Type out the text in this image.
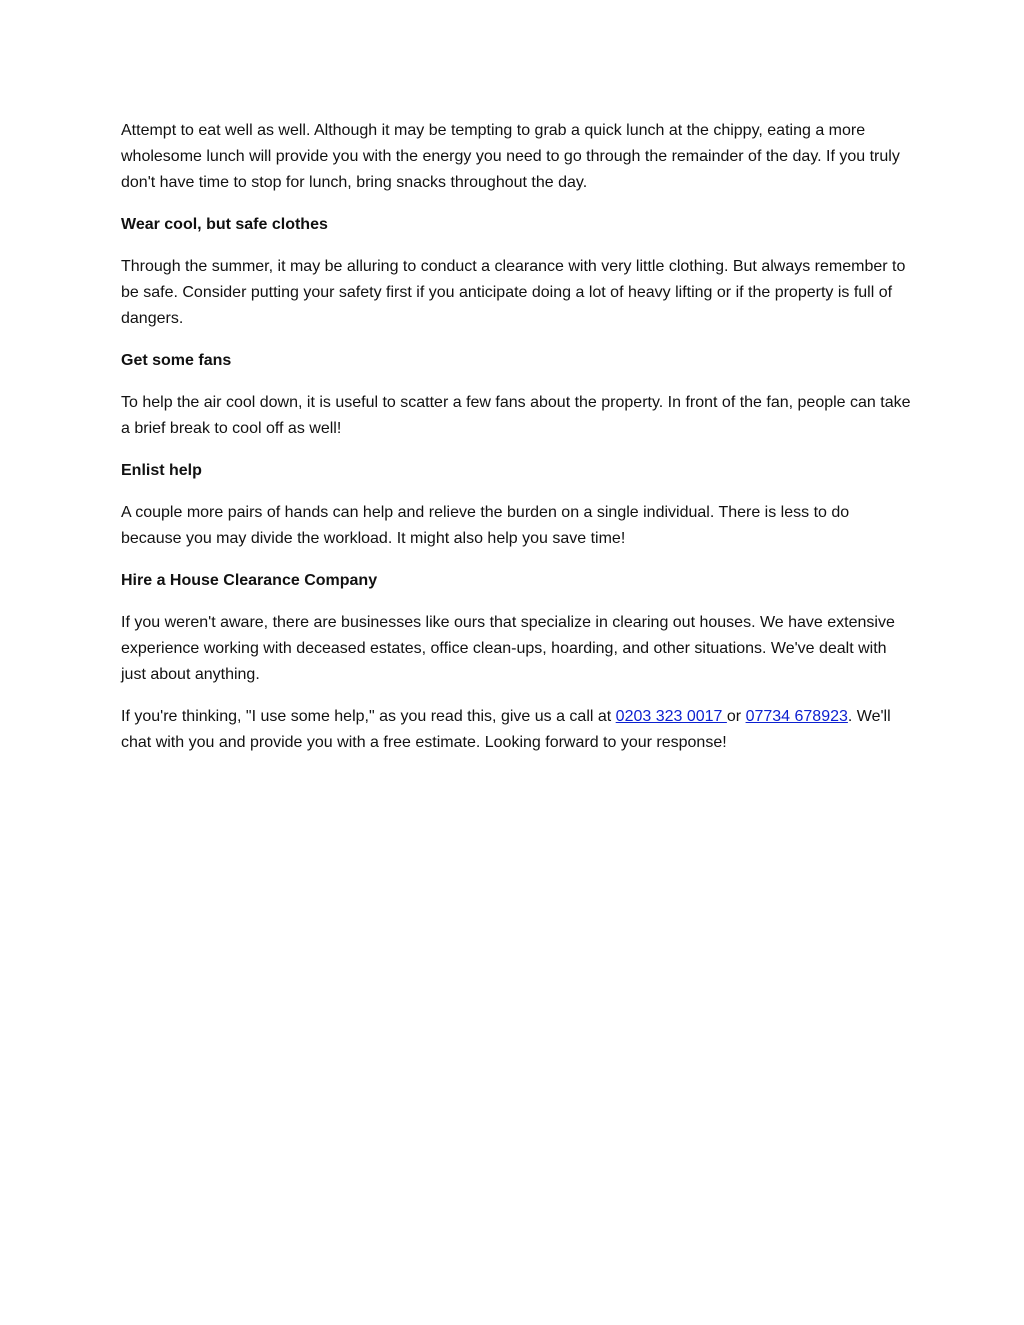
Attempt to eat well as well. Although it may be tempting to grab a quick lunch at the chippy, eating a more wholesome lunch will provide you with the energy you need to go through the remainder of the day. If you truly don't have time to stop for lunch, bring snacks throughout the day.

Wear cool, but safe clothes

Through the summer, it may be alluring to conduct a clearance with very little clothing. But always remember to be safe. Consider putting your safety first if you anticipate doing a lot of heavy lifting or if the property is full of dangers.

Get some fans

To help the air cool down, it is useful to scatter a few fans about the property. In front of the fan, people can take a brief break to cool off as well!

Enlist help

A couple more pairs of hands can help and relieve the burden on a single individual. There is less to do because you may divide the workload. It might also help you save time!

Hire a House Clearance Company

If you weren't aware, there are businesses like ours that specialize in clearing out houses. We have extensive experience working with deceased estates, office clean-ups, hoarding, and other situations. We've dealt with just about anything.

If you're thinking, "I use some help," as you read this, give us a call at 0203 323 0017 or 07734 678923. We'll chat with you and provide you with a free estimate. Looking forward to your response!
